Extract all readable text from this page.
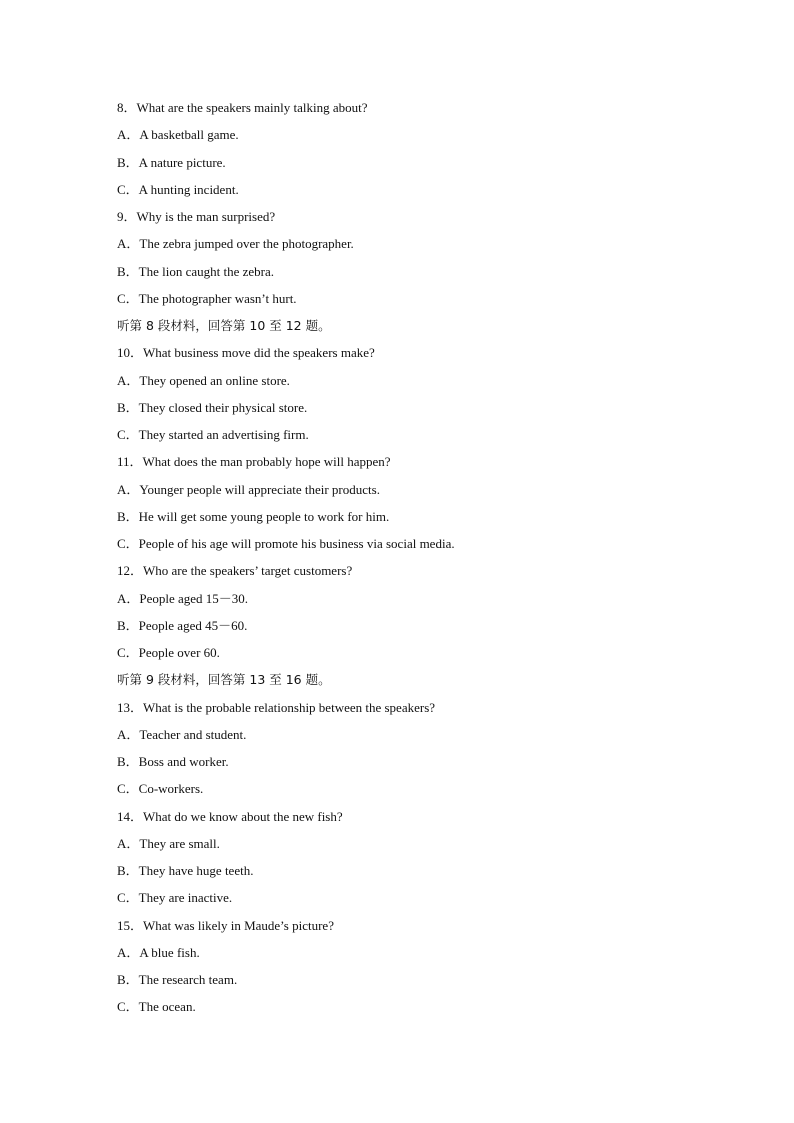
8．What are the speakers mainly talking about?
A．A basketball game.
B．A nature picture.
C．A hunting incident.
9．Why is the man surprised?
A．The zebra jumped over the photographer.
B．The lion caught the zebra.
C．The photographer wasn’t hurt.
听第 8 段材料，回答第 10 至 12 题。
10．What business move did the speakers make?
A．They opened an online store.
B．They closed their physical store.
C．They started an advertising firm.
11．What does the man probably hope will happen?
A．Younger people will appreciate their products.
B．He will get some young people to work for him.
C．People of his age will promote his business via social media.
12．Who are the speakers’ target customers?
A．People aged 15－30.
B．People aged 45－60.
C．People over 60.
听第 9 段材料，回答第 13 至 16 题。
13．What is the probable relationship between the speakers?
A．Teacher and student.
B．Boss and worker.
C．Co-workers.
14．What do we know about the new fish?
A．They are small.
B．They have huge teeth.
C．They are inactive.
15．What was likely in Maude’s picture?
A．A blue fish.
B．The research team.
C．The ocean.
